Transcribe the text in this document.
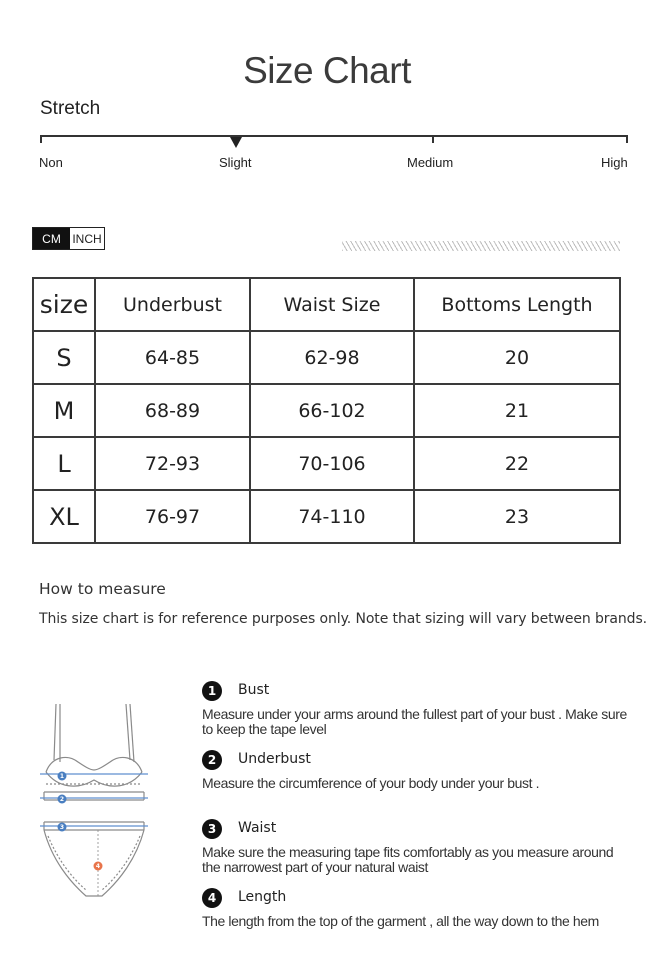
Size Chart
Stretch
Non	Slight	Medium	High
CM INCH
size	Underbust	Waist Size	Bottoms Length
S	64-85	62-98	20
M	68-89	66-102	21
L	72-93	70-106	22
XL	76-97	74-110	23
How to measure
This size chart is for reference purposes only. Note that sizing will vary between brands.
1
2
3
4
1	Bust
Measure under your arms around the fullest part of your bust . Make sure to keep the tape level
2	Underbust
Measure the circumference of your body under your bust .
3	Waist
Make sure the measuring tape fits comfortably as you measure around the narrowest part of your natural waist
4	Length
The length from the top of the garment , all the way down to the hem
